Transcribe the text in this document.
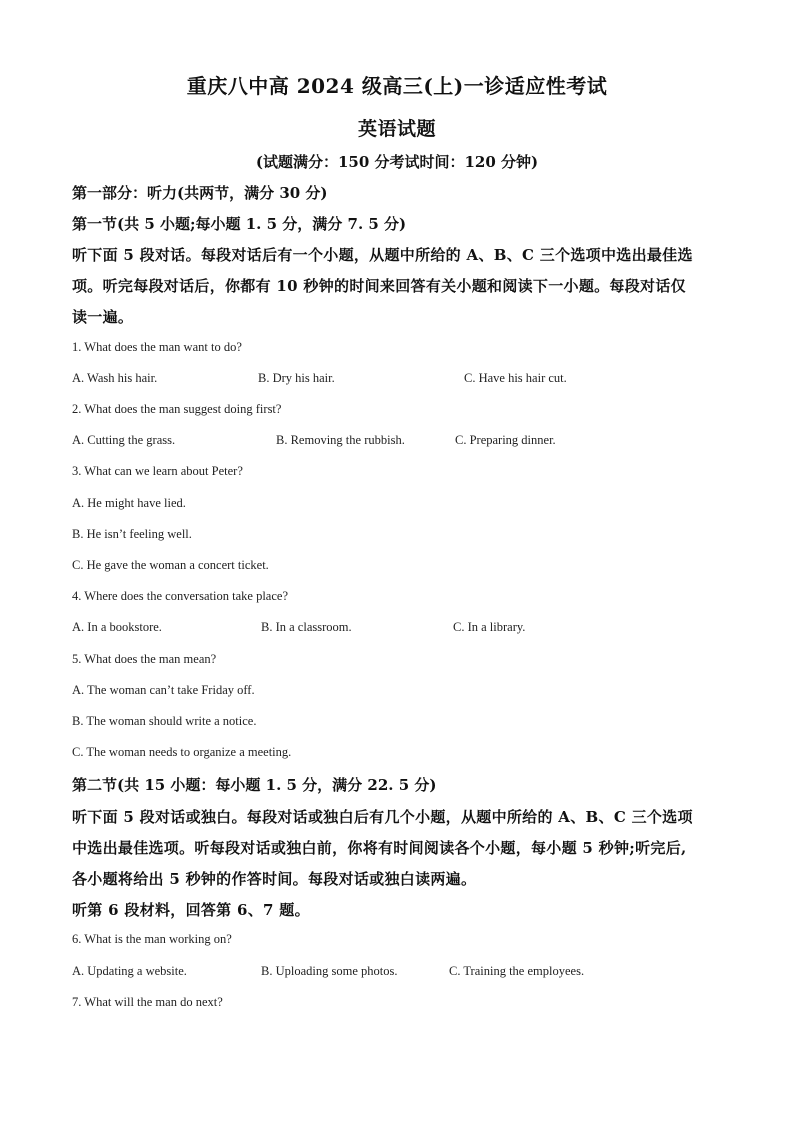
重庆八中高 2024 级高三(上)一诊适应性考试
英语试题
(试题满分：150 分考试时间：120 分钟)
第一部分：听力(共两节，满分 30 分)
第一节(共 5 小题;每小题 1. 5 分，满分 7. 5 分)
听下面 5 段对话。每段对话后有一个小题，从题中所给的 A、B、C 三个选项中选出最佳选
项。听完每段对话后，你都有 10 秒钟的时间来回答有关小题和阅读下一小题。每段对话仅
读一遍。
1. What does the man want to do?
A. Wash his hair.	B. Dry his hair.	C. Have his hair cut.
2. What does the man suggest doing first?
A. Cutting the grass.	B. Removing the rubbish.	C. Preparing dinner.
3. What can we learn about Peter?
A. He might have lied.
B. He isn’t feeling well.
C. He gave the woman a concert ticket.
4. Where does the conversation take place?
A. In a bookstore.	B. In a classroom.	C. In a library.
5. What does the man mean?
A. The woman can’t take Friday off.
B. The woman should write a notice.
C. The woman needs to organize a meeting.
第二节(共 15 小题：每小题 1. 5 分，满分 22. 5 分)
听下面 5 段对话或独白。每段对话或独白后有几个小题，从题中所给的 A、B、C 三个选项
中选出最佳选项。听每段对话或独白前，你将有时间阅读各个小题，每小题 5 秒钟;听完后,
各小题将给出 5 秒钟的作答时间。每段对话或独白读两遍。
听第 6 段材料，回答第 6、7 题。
6. What is the man working on?
A. Updating a website.	B. Uploading some photos.	C. Training the employees.
7. What will the man do next?
